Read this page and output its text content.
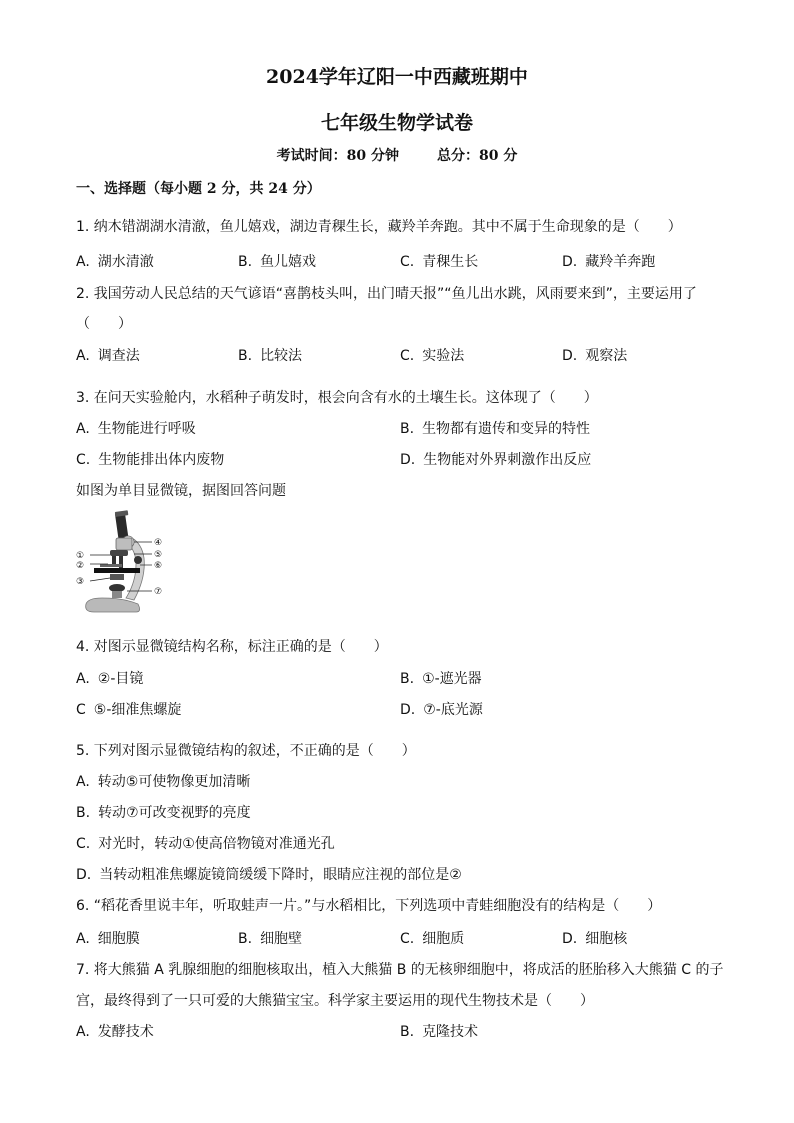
2024学年辽阳一中西藏班期中
七年级生物学试卷
考试时间：80 分钟	总分：80 分
一、选择题（每小题 2 分，共 24 分）
1. 纳木错湖湖水清澈，鱼儿嬉戏，湖边青稞生长，藏羚羊奔跑。其中不属于生命现象的是（　　）
A. 湖水清澈	B. 鱼儿嬉戏	C. 青稞生长	D. 藏羚羊奔跑
2. 我国劳动人民总结的天气谚语“喜鹊枝头叫，出门晴天报”“鱼儿出水跳，风雨要来到”，主要运用了
（　　）
A. 调查法	B. 比较法	C. 实验法	D. 观察法
3. 在问天实验舱内，水稻种子萌发时，根会向含有水的土壤生长。这体现了（　　）
A. 生物能进行呼吸	B. 生物都有遗传和变异的特性
C. 生物能排出体内废物	D. 生物能对外界刺激作出反应
如图为单目显微镜，据图回答问题
①
②
③
④
⑤
⑥
⑦
4. 对图示显微镜结构名称，标注正确的是（　　）
A. ②-目镜	B. ①-遮光器
C ⑤-细准焦螺旋	D. ⑦-底光源
5. 下列对图示显微镜结构的叙述，不正确的是（　　）
A. 转动⑤可使物像更加清晰
B. 转动⑦可改变视野的亮度
C. 对光时，转动①使高倍物镜对准通光孔
D. 当转动粗准焦螺旋镜筒缓缓下降时，眼睛应注视的部位是②
6. “稻花香里说丰年，听取蛙声一片。”与水稻相比，下列选项中青蛙细胞没有的结构是（　　）
A. 细胞膜	B. 细胞壁	C. 细胞质	D. 细胞核
7. 将大熊猫 A 乳腺细胞的细胞核取出，植入大熊猫 B 的无核卵细胞中，将成活的胚胎移入大熊猫 C 的子
宫，最终得到了一只可爱的大熊猫宝宝。科学家主要运用的现代生物技术是（　　）
A. 发酵技术	B. 克隆技术
